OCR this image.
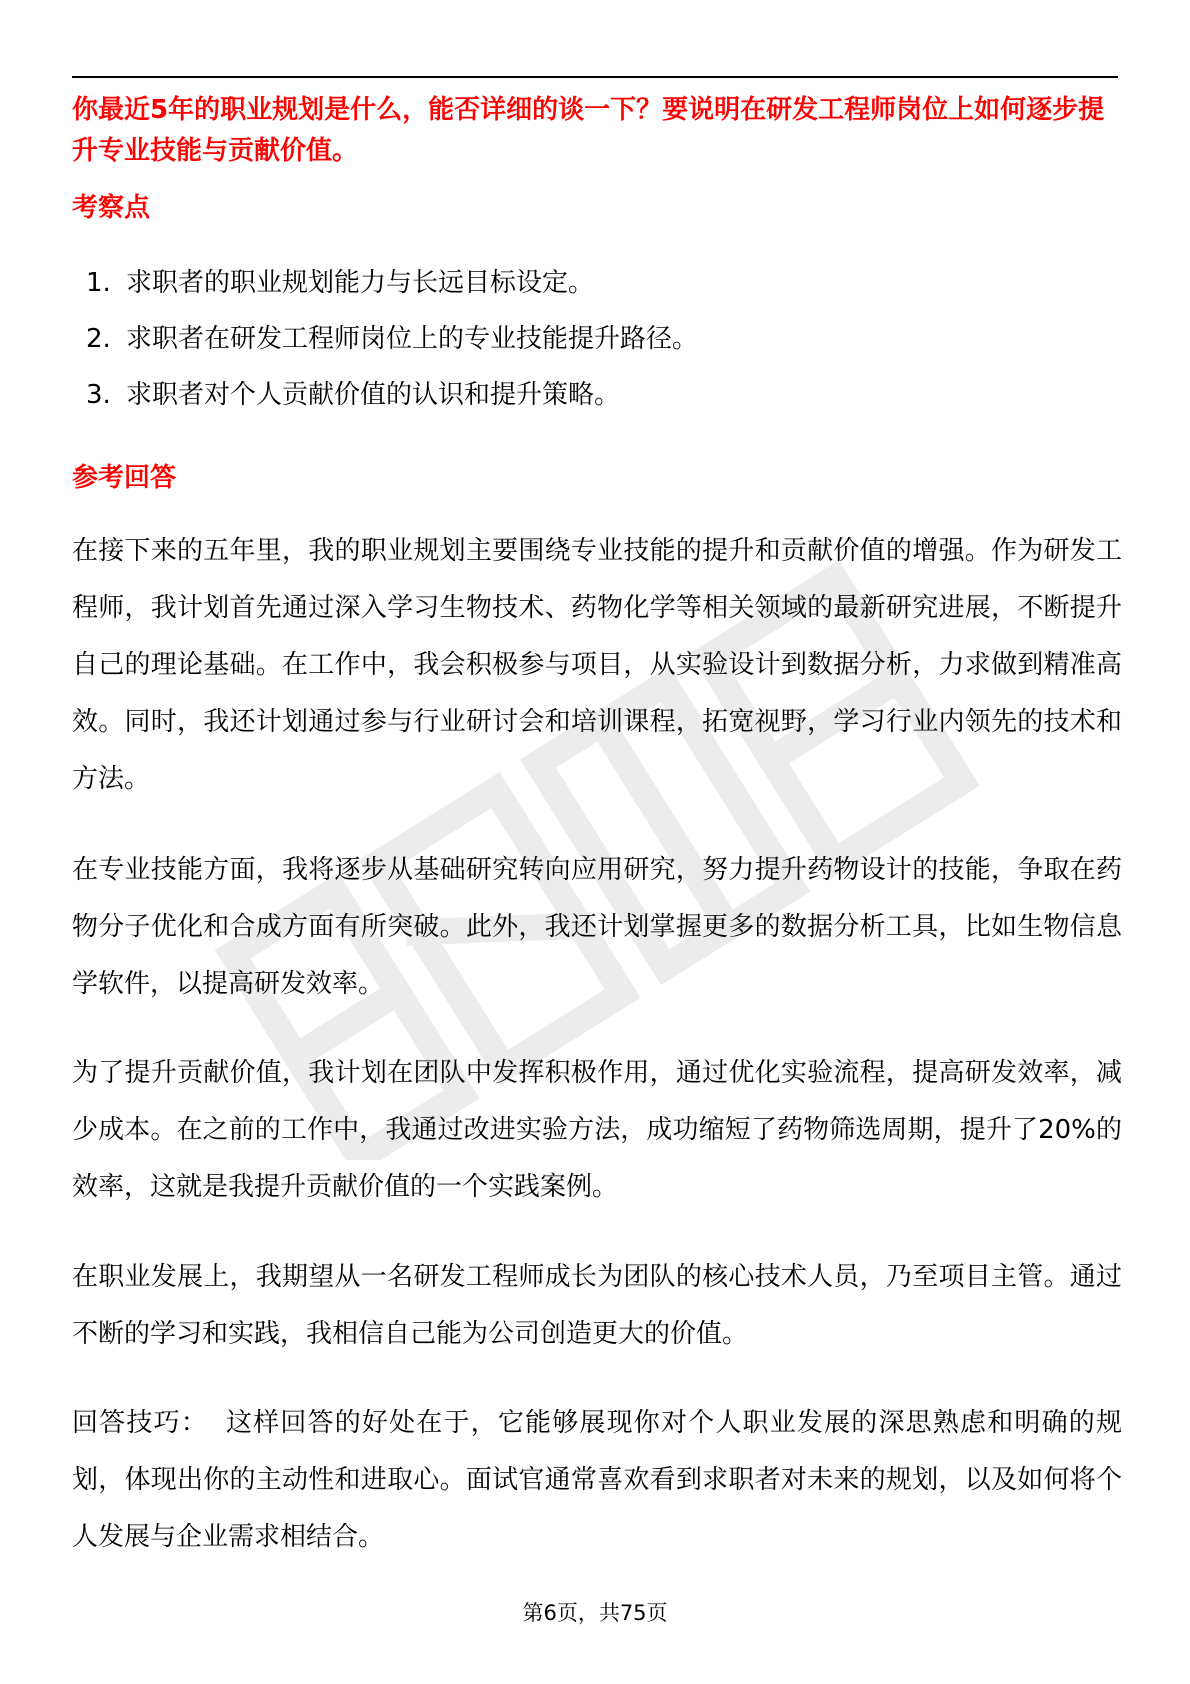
你最近5年的职业规划是什么，能否详细的谈一下？要说明在研发工程师岗位上如何逐步提升专业技能与贡献价值。
考察点
1. 求职者的职业规划能力与长远目标设定。
2. 求职者在研发工程师岗位上的专业技能提升路径。
3. 求职者对个人贡献价值的认识和提升策略。
参考回答

在接下来的五年里，我的职业规划主要围绕专业技能的提升和贡献价值的增强。作为研发工程师，我计划首先通过深入学习生物技术、药物化学等相关领域的最新研究进展，不断提升自己的理论基础。在工作中，我会积极参与项目，从实验设计到数据分析，力求做到精准高效。同时，我还计划通过参与行业研讨会和培训课程，拓宽视野，学习行业内领先的技术和方法。

在专业技能方面，我将逐步从基础研究转向应用研究，努力提升药物设计的技能，争取在药物分子优化和合成方面有所突破。此外，我还计划掌握更多的数据分析工具，比如生物信息学软件，以提高研发效率。

为了提升贡献价值，我计划在团队中发挥积极作用，通过优化实验流程，提高研发效率，减少成本。在之前的工作中，我通过改进实验方法，成功缩短了药物筛选周期，提升了20%的效率，这就是我提升贡献价值的一个实践案例。

在职业发展上，我期望从一名研发工程师成长为团队的核心技术人员，乃至项目主管。通过不断的学习和实践，我相信自己能为公司创造更大的价值。

回答技巧： 这样回答的好处在于，它能够展现你对个人职业发展的深思熟虑和明确的规划，体现出你的主动性和进取心。面试官通常喜欢看到求职者对未来的规划，以及如何将个人发展与企业需求相结合。

第6页，共75页
